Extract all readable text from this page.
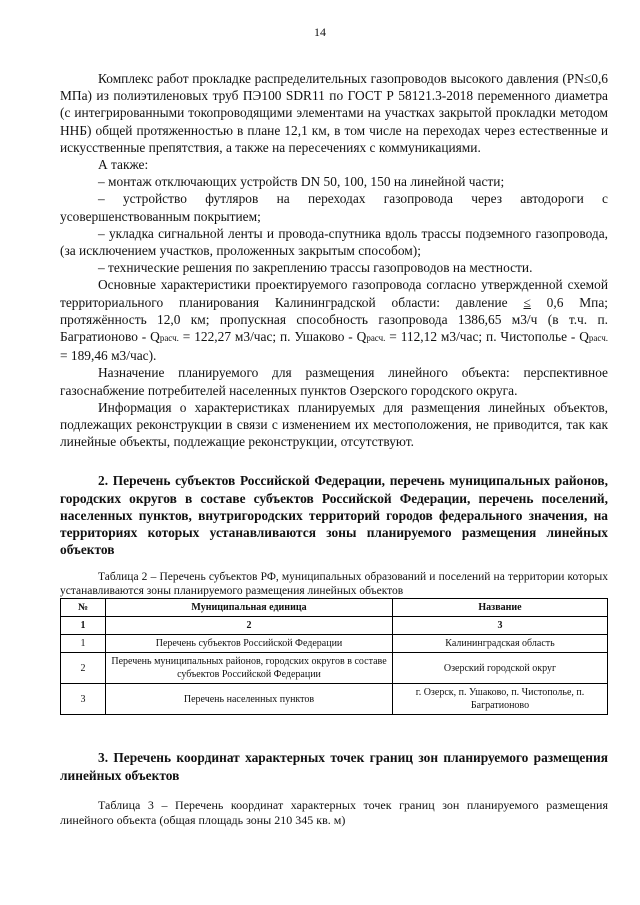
14

Комплекс работ прокладке распределительных газопроводов высокого давления (PN≤0,6 МПа) из полиэтиленовых труб ПЭ100 SDR11 по ГОСТ Р 58121.3-2018 переменного диаметра (с интегрированными токопроводящими элементами на участках закрытой прокладки методом ННБ) общей протяженностью в плане 12,1 км, в том числе на переходах через естественные и искусственные препятствия, а также на пересечениях с коммуникациями.

А также:

– монтаж отключающих устройств DN 50, 100, 150 на линейной части;

– устройство футляров на переходах газопровода через автодороги с усовершенствованным покрытием;

– укладка сигнальной ленты и провода-спутника вдоль трассы подземного газопровода, (за исключением участков, проложенных закрытым способом);

– технические решения по закреплению трассы газопроводов на местности.

Основные характеристики проектируемого газопровода согласно утвержденной схемой территориального планирования Калининградской области: давление ≤ 0,6 Мпа; протяжённость 12,0 км; пропускная способность газопровода 1386,65 м3/ч (в т.ч. п. Багратионово - Qрасч. = 122,27 м3/час; п. Ушаково - Qрасч. = 112,12 м3/час; п. Чистополье - Qрасч. = 189,46 м3/час).

Назначение планируемого для размещения линейного объекта: перспективное газоснабжение потребителей населенных пунктов Озерского городского округа.

Информация о характеристиках планируемых для размещения линейных объектов, подлежащих реконструкции в связи с изменением их местоположения, не приводится, так как линейные объекты, подлежащие реконструкции, отсутствуют.

2. Перечень субъектов Российской Федерации, перечень муниципальных районов, городских округов в составе субъектов Российской Федерации, перечень поселений, населенных пунктов, внутригородских территорий городов федерального значения, на территориях которых устанавливаются зоны планируемого размещения линейных объектов

Таблица 2 – Перечень субъектов РФ, муниципальных образований и поселений на территории которых устанавливаются зоны планируемого размещения линейных объектов

№	Муниципальная единица	Название
1	2	3
1	Перечень субъектов Российской Федерации	Калининградская область
2	Перечень муниципальных районов, городских округов в составе субъектов Российской Федерации	Озерский городской округ
3	Перечень населенных пунктов	г. Озерск, п. Ушаково, п. Чистополье, п. Багратионово

3. Перечень координат характерных точек границ зон планируемого размещения линейных объектов

Таблица 3 – Перечень координат характерных точек границ зон планируемого размещения линейного объекта (общая площадь зоны 210 345 кв. м)
